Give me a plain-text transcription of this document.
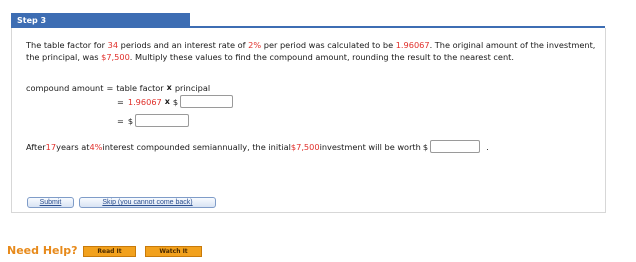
Step 3
The table factor for 34 periods and an interest rate of 2% per period was calculated to be 1.96067. The original amount of the investment, the principal, was $7,500. Multiply these values to find the compound amount, rounding the result to the nearest cent.
compound amount = table factor x principal
= 1.96067 x $
= $
After 17 years at 4% interest compounded semiannually, the initial $7,500 investment will be worth $	.
Submit	Skip (you cannot come back)
Need Help?	Read It	Watch It
